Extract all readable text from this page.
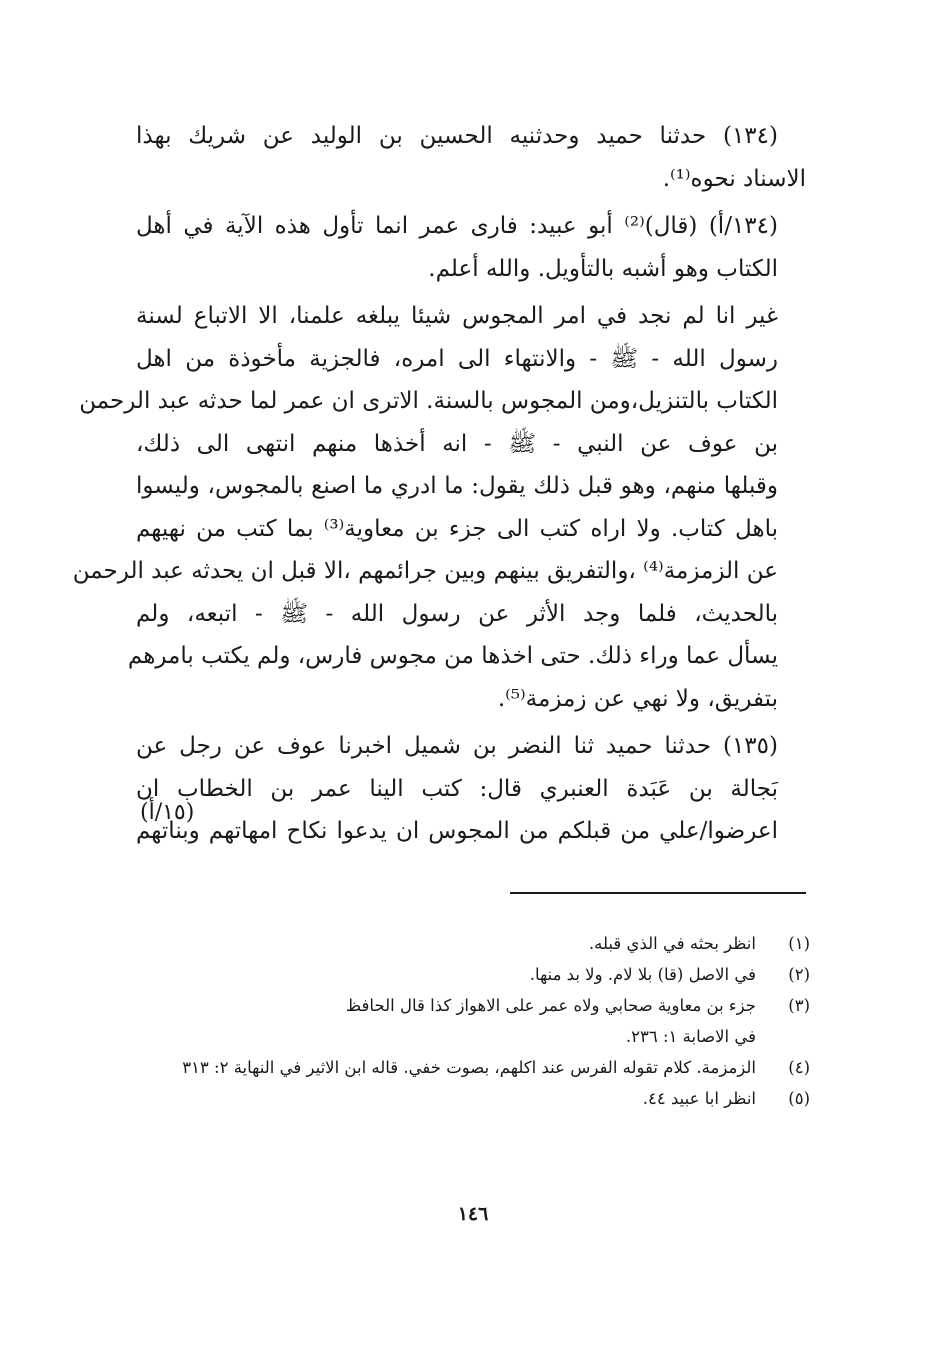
(١٣٤) حدثنا حميد وحدثنيه الحسين بن الوليد عن شريك بهذا
الاسناد نحوه⁽¹⁾.

(١٣٤/أ) (قال)⁽²⁾ أبو عبيد: فارى عمر انما تأول هذه الآية في أهل
الكتاب وهو أشبه بالتأويل. والله أعلم.

غير انا لم نجد في امر المجوس شيئا يبلغه علمنا، الا الاتباع لسنة
رسول الله - ﷺ - والانتهاء الى امره، فالجزية مأخوذة من اهل
الكتاب بالتنزيل،ومن المجوس بالسنة. الاترى ان عمر لما حدثه عبد الرحمن
بن عوف عن النبي - ﷺ - انه أخذها منهم انتهى الى ذلك،
وقبلها منهم، وهو قبل ذلك يقول: ما ادري ما اصنع بالمجوس، وليسوا
باهل كتاب. ولا اراه كتب الى جزء بن معاوية⁽³⁾ بما كتب من نهيهم
عن الزمزمة⁽⁴⁾ ،والتفريق بينهم وبين جرائمهم ،الا قبل ان يحدثه عبد الرحمن
بالحديث، فلما وجد الأثر عن رسول الله - ﷺ - اتبعه، ولم
يسأل عما وراء ذلك. حتى اخذها من مجوس فارس، ولم يكتب بامرهم
بتفريق، ولا نهي عن زمزمة⁽⁵⁾.

(١٣٥) حدثنا حميد ثنا النضر بن شميل اخبرنا عوف عن رجل عن
بَجالة بن عَبَدة العنبري قال: كتب الينا عمر بن الخطاب ان
اعرضوا/علي من قبلكم من المجوس ان يدعوا نكاح امهاتهم وبناتهم

(١٥/أ)
(١)
انظر بحثه في الذي قبله.
(٢)
في الاصل (قا) بلا لام. ولا بد منها.
(٣)
جزء بن معاوية صحابي ولاه عمر على الاهواز كذا قال الحافظ في الاصابة ١: ٢٣٦.
(٤)
الزمزمة. كلام تقوله الفرس عند اكلهم، بصوت خفي. قاله ابن الاثير في النهاية ٢: ٣١٣
(٥)
انظر ابا عبيد ٤٤.
١٤٦
